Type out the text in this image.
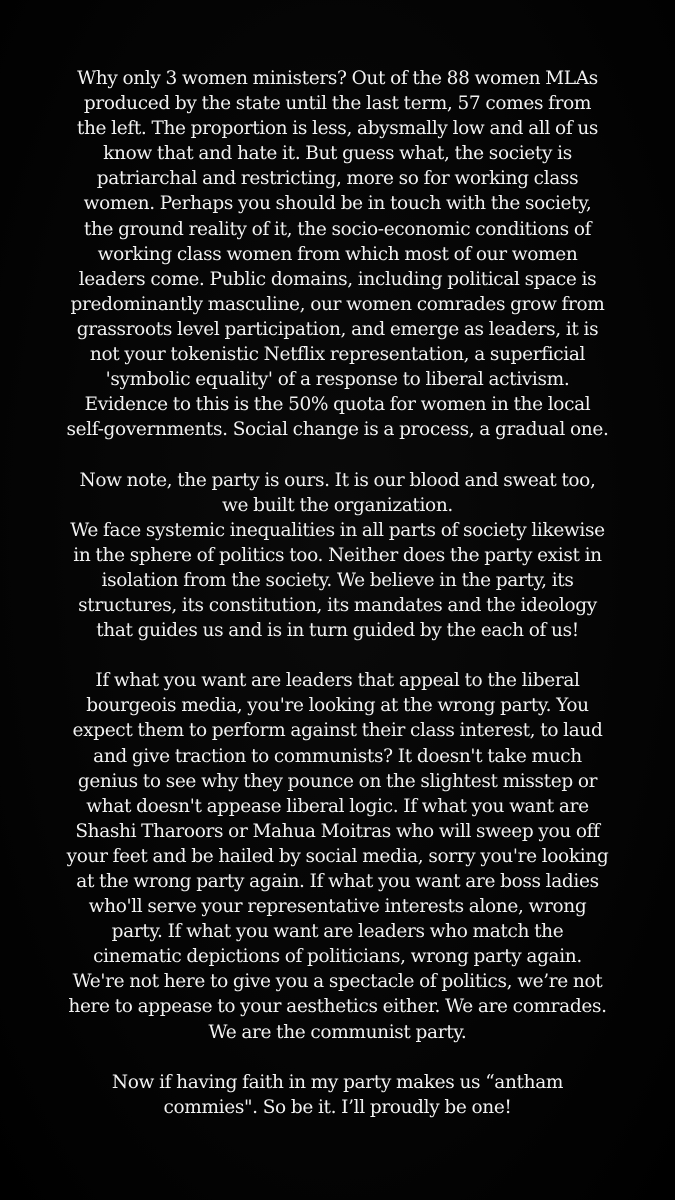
Why only 3 women ministers? Out of the 88 women MLAs
produced by the state until the last term, 57 comes from
the left. The proportion is less, abysmally low and all of us
know that and hate it. But guess what, the society is
patriarchal and restricting, more so for working class
women. Perhaps you should be in touch with the society,
the ground reality of it, the socio-economic conditions of
working class women from which most of our women
leaders come. Public domains, including political space is
predominantly masculine, our women comrades grow from
grassroots level participation, and emerge as leaders, it is
not your tokenistic Netflix representation, a superficial
'symbolic equality' of a response to liberal activism.
Evidence to this is the 50% quota for women in the local
self-governments. Social change is a process, a gradual one.

Now note, the party is ours. It is our blood and sweat too,
we built the organization.
We face systemic inequalities in all parts of society likewise
in the sphere of politics too. Neither does the party exist in
isolation from the society. We believe in the party, its
structures, its constitution, its mandates and the ideology
that guides us and is in turn guided by the each of us!

If what you want are leaders that appeal to the liberal
bourgeois media, you're looking at the wrong party. You
expect them to perform against their class interest, to laud
and give traction to communists? It doesn't take much
genius to see why they pounce on the slightest misstep or
what doesn't appease liberal logic. If what you want are
Shashi Tharoors or Mahua Moitras who will sweep you off
your feet and be hailed by social media, sorry you're looking
at the wrong party again. If what you want are boss ladies
who'll serve your representative interests alone, wrong
party. If what you want are leaders who match the
cinematic depictions of politicians, wrong party again.
We're not here to give you a spectacle of politics, we’re not
here to appease to your aesthetics either. We are comrades.
We are the communist party.

Now if having faith in my party makes us “antham
commies". So be it. I’ll proudly be one!
